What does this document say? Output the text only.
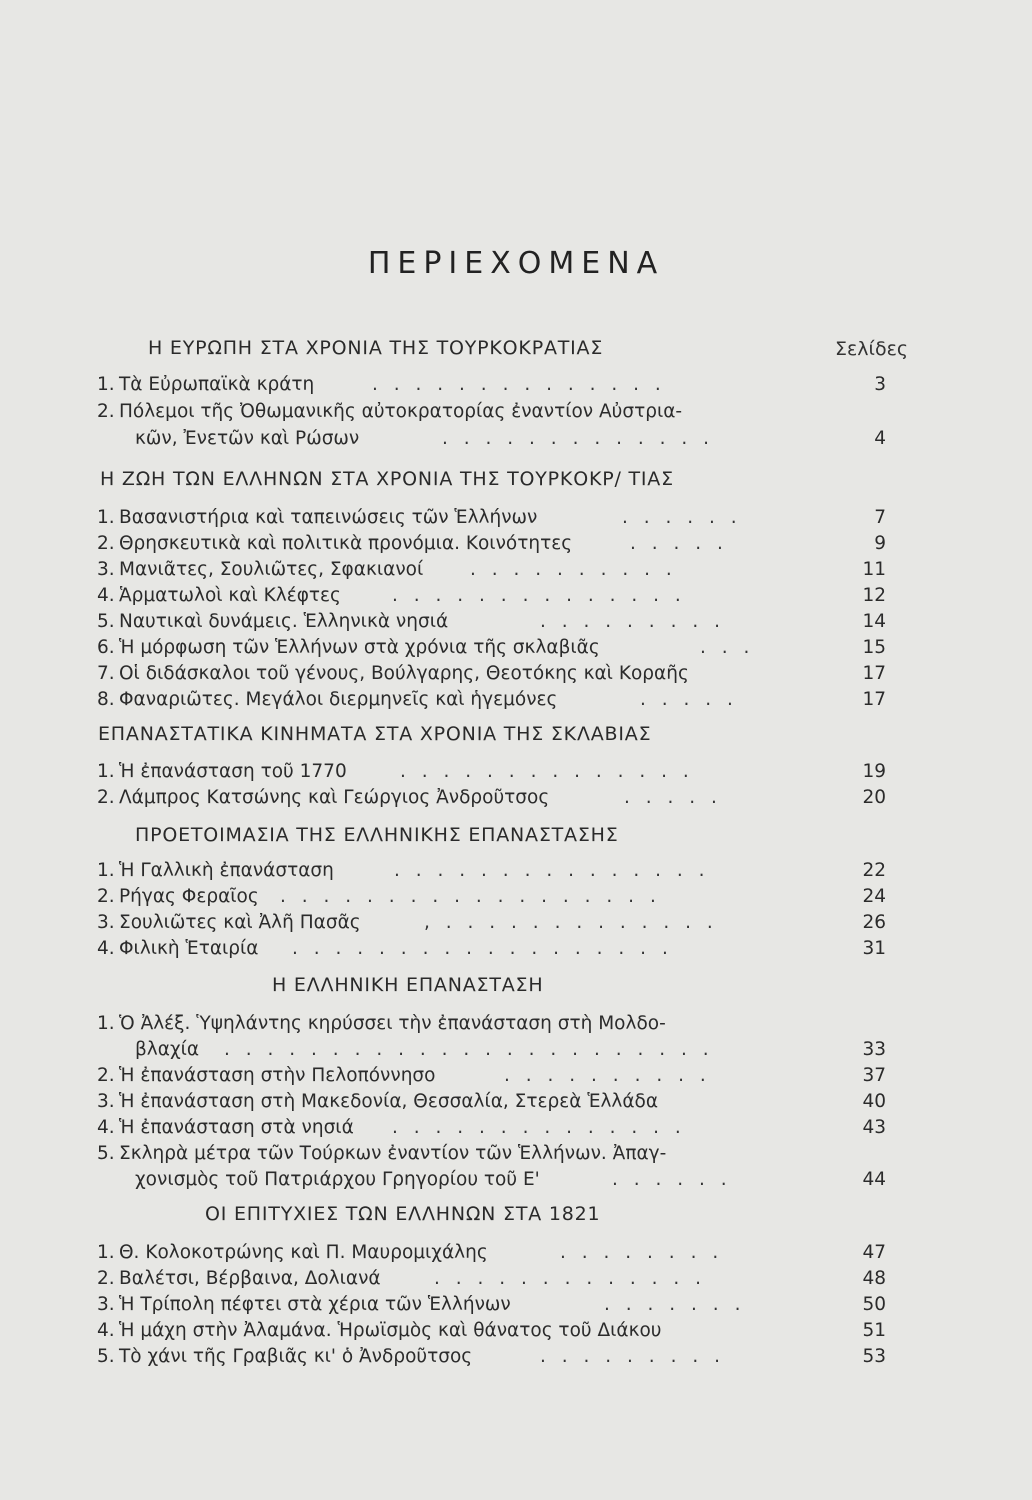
ΠΕΡΙΕΧΟΜΕΝΑ
Σελίδες
Η ΕΥΡΩΠΗ ΣΤΑ ΧΡΟΝΙΑ ΤΗΣ ΤΟΥΡΚΟΚΡΑΤΙΑΣ
1. Τὰ Εὐρωπαϊκὰ κράτη	. . . . . . . . . . . . . .	3
2. Πόλεμοι τῆς Ὀθωμανικῆς αὐτοκρατορίας ἐναντίον Αὐστρια-
κῶν, Ἐνετῶν καὶ Ρώσων	. . . . . . . . . . . . .	4
Η ΖΩΗ ΤΩΝ ΕΛΛΗΝΩΝ ΣΤΑ ΧΡΟΝΙΑ ΤΗΣ ΤΟΥΡΚΟΚΡ/ ΤΙΑΣ
1. Βασανιστήρια καὶ ταπεινώσεις τῶν Ἑλλήνων	. . . . . .	7
2. Θρησκευτικὰ καὶ πολιτικὰ προνόμια. Κοινότητες	. . . . .	9
3. Μανιᾶτες, Σουλιῶτες, Σφακιανοί	. . . . . . . . . .	11
4. Ἁρματωλοὶ καὶ Κλέφτες	. . . . . . . . . . . . . .	12
5. Ναυτικαὶ δυνάμεις. Ἑλληνικὰ νησιά	. . . . . . . . .	14
6. Ἡ μόρφωση τῶν Ἑλλήνων στὰ χρόνια τῆς σκλαβιᾶς	. . .	15
7. Οἱ διδάσκαλοι τοῦ γένους, Βούλγαρης, Θεοτόκης καὶ Κοραῆς	17
8. Φαναριῶτες. Μεγάλοι διερμηνεῖς καὶ ἡγεμόνες	. . . . .	17
ΕΠΑΝΑΣΤΑΤΙΚΑ ΚΙΝΗΜΑΤΑ ΣΤΑ ΧΡΟΝΙΑ ΤΗΣ ΣΚΛΑΒΙΑΣ
1. Ἡ ἐπανάσταση τοῦ 1770	. . . . . . . . . . . . . .	19
2. Λάμπρος Κατσώνης καὶ Γεώργιος Ἀνδροῦτσος	. . . . .	20
ΠΡΟΕΤΟΙΜΑΣΙΑ ΤΗΣ ΕΛΛΗΝΙΚΗΣ ΕΠΑΝΑΣΤΑΣΗΣ
1. Ἡ Γαλλικὴ ἐπανάσταση	. . . . . . . . . . . . . . .	22
2. Ρήγας Φεραῖος . . . . . . . . . . . . . . . . . .	24
3. Σουλιῶτες καὶ Ἀλῆ Πασᾶς	, . . . . . . . . . . . . .	26
4. Φιλικὴ Ἑταιρία . . . . . . . . . . . . . . . . . .	31
Η ΕΛΛΗΝΙΚΗ ΕΠΑΝΑΣΤΑΣΗ
1. Ὁ Ἀλέξ. Ὑψηλάντης κηρύσσει τὴν ἐπανάσταση στὴ Μολδο-
βλαχία . . . . . . . . . . . . . . . . . . . . . . .	33
2. Ἡ ἐπανάσταση στὴν Πελοπόννησο	. . . . . . . . . .	37
3. Ἡ ἐπανάσταση στὴ Μακεδονία, Θεσσαλία, Στερεὰ Ἑλλάδα	40
4. Ἡ ἐπανάσταση στὰ νησιά . . . . . . . . . . . . . .	43
5. Σκληρὰ μέτρα τῶν Τούρκων ἐναντίον τῶν Ἑλλήνων. Ἀπαγ-
χονισμὸς τοῦ Πατριάρχου Γρηγορίου τοῦ Ε'	. . . . . .	44
ΟΙ ΕΠΙΤΥΧΙΕΣ ΤΩΝ ΕΛΛΗΝΩΝ ΣΤΑ 1821
1. Θ. Κολοκοτρώνης καὶ Π. Μαυρομιχάλης	. . . . . . . .	47
2. Βαλέτσι, Βέρβαινα, Δολιανά	. . . . . . . . . . . . .	48
3. Ἡ Τρίπολη πέφτει στὰ χέρια τῶν Ἑλλήνων	. . . . . . .	50
4. Ἡ μάχη στὴν Ἀλαμάνα. Ἡρωϊσμὸς καὶ θάνατος τοῦ Διάκου	51
5. Τὸ χάνι τῆς Γραβιᾶς κι' ὁ Ἀνδροῦτσος	. . . . . . . . .	53
